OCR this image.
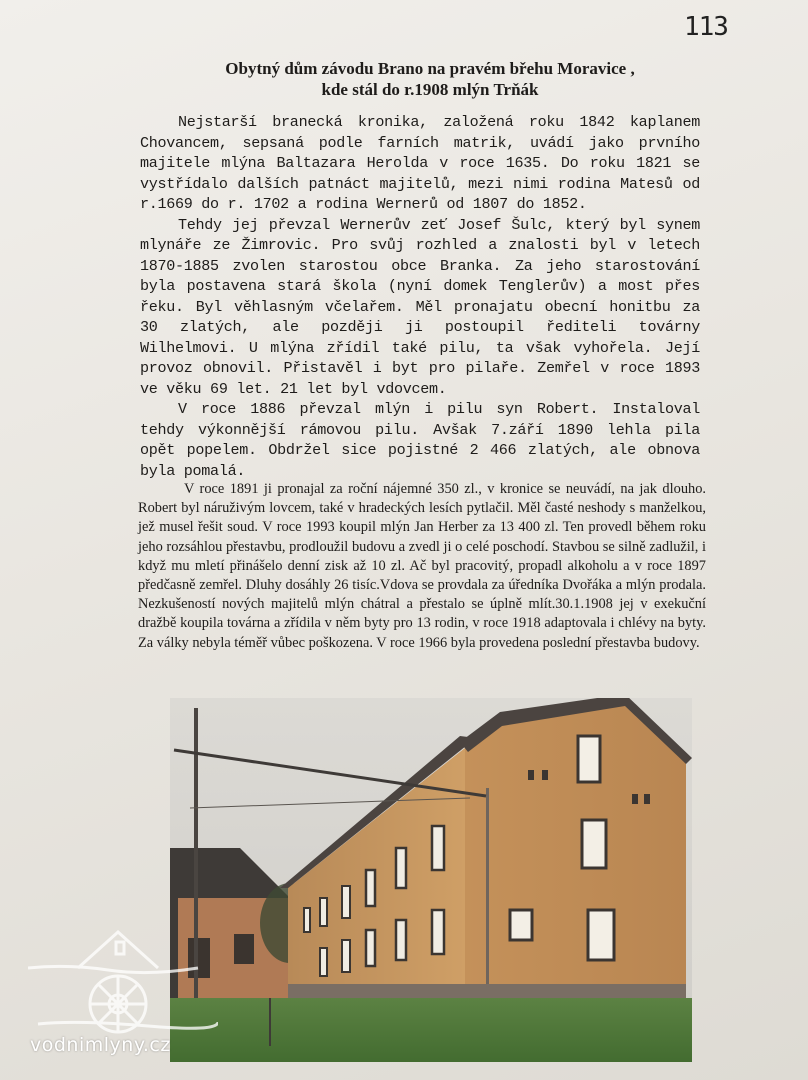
113
Obytný dům závodu Brano na pravém břehu Moravice ,
kde stál do r.1908 mlýn Trňák

Nejstarší branecká kronika, založená roku 1842 kaplanem Chovancem, sepsaná podle farních matrik, uvádí jako prvního majitele mlýna Baltazara Herolda v roce 1635. Do roku 1821 se vystřídalo dalších patnáct majitelů, mezi nimi rodina Matesů od r.1669 do r. 1702 a rodina Wernerů od 1807 do 1852.

Tehdy jej převzal Wernerův zeť Josef Šulc, který byl synem mlynáře ze Žimrovic. Pro svůj rozhled a znalosti byl v letech 1870-1885 zvolen starostou obce Branka. Za jeho starostování byla postavena stará škola (nyní domek Tenglerův) a most přes řeku. Byl věhlasným včelařem. Měl pronajatu obecní honitbu za 30 zlatých, ale později ji postoupil řediteli továrny Wilhelmovi. U mlýna zřídil také pilu, ta však vyhořela. Její provoz obnovil. Přistavěl i byt pro pilaře. Zemřel v roce 1893 ve věku 69 let. 21 let byl vdovcem.

V roce 1886 převzal mlýn i pilu syn Robert. Instaloval tehdy výkonnější rámovou pilu. Avšak 7.září 1890 lehla pila opět popelem. Obdržel sice pojistné 2 466 zlatých, ale obnova byla pomalá.

V roce 1891 ji pronajal za roční nájemné 350 zl., v kronice se neuvádí, na jak dlouho. Robert byl náruživým lovcem, také v hradeckých lesích pytlačil. Měl časté neshody s manželkou, jež musel řešit soud. V roce 1993 koupil mlýn Jan Herber za 13 400 zl. Ten provedl během roku jeho rozsáhlou přestavbu, prodloužil budovu a zvedl ji o celé poschodí. Stavbou se silně zadlužil, i když mu mletí přinášelo denní zisk až 10 zl. Ač byl pracovitý, propadl alkoholu a v roce 1897 předčasně zemřel. Dluhy dosáhly 26 tisíc.Vdova se provdala za úředníka Dvořáka a mlýn prodala. Nezkušeností nových majitelů mlýn chátral a přestalo se úplně mlít.30.1.1908 jej v exekuční dražbě koupila továrna a zřídila v něm byty pro 13 rodin, v roce 1918 adaptovala i chlévy na byty. Za války nebyla téměř vůbec poškozena. V roce 1966 byla provedena poslední přestavba budovy.

vodnimlyny.cz
